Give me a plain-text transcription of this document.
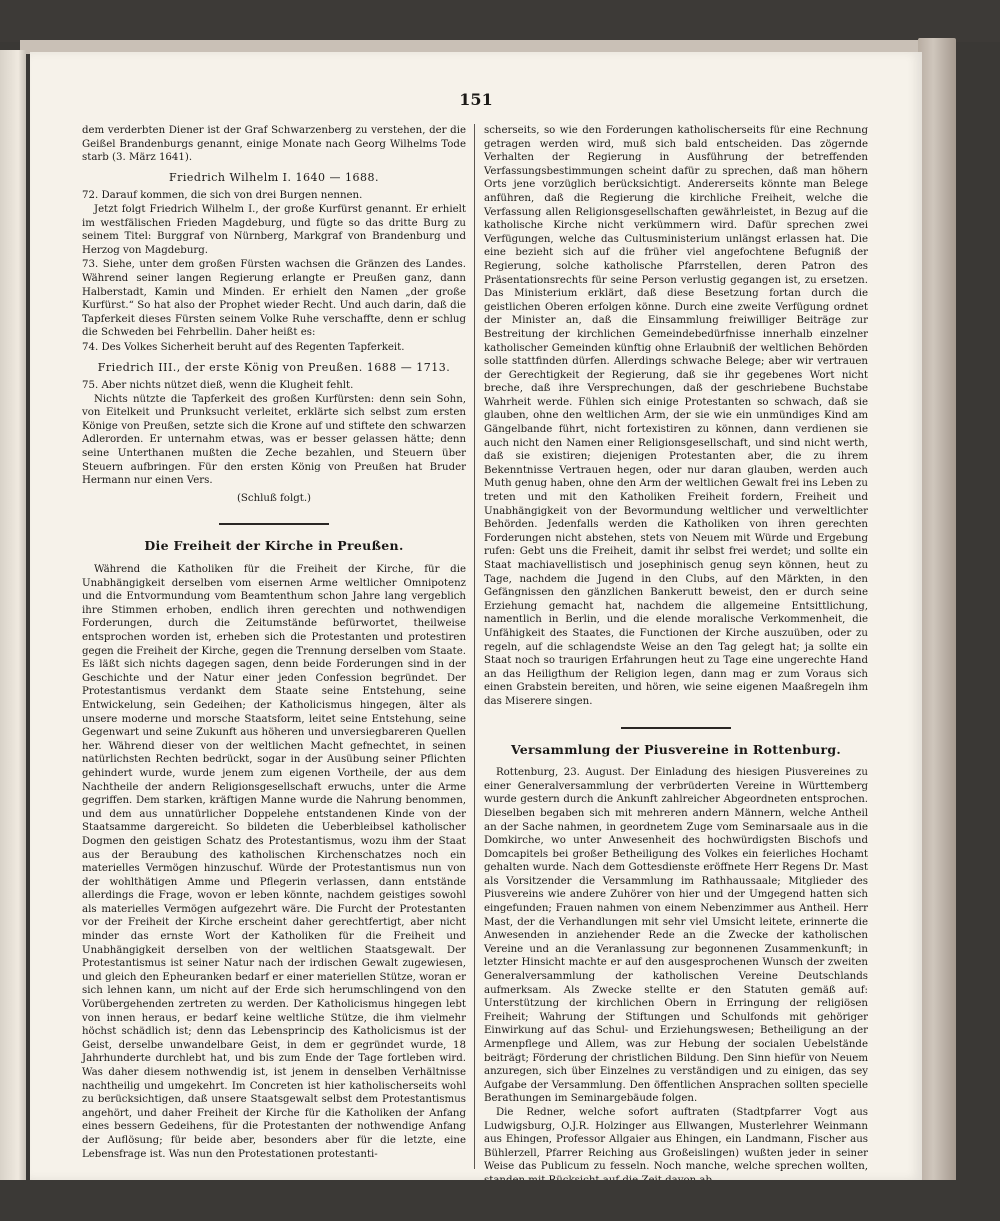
151

dem verderbten Diener ist der Graf Schwarzenberg zu verstehen, der die Geißel Brandenburgs genannt, einige Monate nach Georg Wilhelms Tode starb (3. März 1641).

Friedrich Wilhelm I. 1640 — 1688.

72. Darauf kommen, die sich von drei Burgen nennen.

Jetzt folgt Friedrich Wilhelm I., der große Kurfürst genannt. Er erhielt im westfälischen Frieden Magdeburg, und fügte so das dritte Burg zu seinem Titel: Burggraf von Nürnberg, Markgraf von Brandenburg und Herzog von Magdeburg.

73. Siehe, unter dem großen Fürsten wachsen die Gränzen des Landes. Während seiner langen Regierung erlangte er Preußen ganz, dann Halberstadt, Kamin und Minden. Er erhielt den Namen „der große Kurfürst.“ So hat also der Prophet wieder Recht. Und auch darin, daß die Tapferkeit dieses Fürsten seinem Volke Ruhe verschaffte, denn er schlug die Schweden bei Fehrbellin. Daher heißt es:

74. Des Volkes Sicherheit beruht auf des Regenten Tapferkeit.

Friedrich III., der erste König von Preußen. 1688 — 1713.

75. Aber nichts nützet dieß, wenn die Klugheit fehlt.

Nichts nützte die Tapferkeit des großen Kurfürsten: denn sein Sohn, von Eitelkeit und Prunksucht verleitet, erklärte sich selbst zum ersten Könige von Preußen, setzte sich die Krone auf und stiftete den schwarzen Adlerorden. Er unternahm etwas, was er besser gelassen hätte; denn seine Unterthanen mußten die Zeche bezahlen, und Steuern über Steuern aufbringen. Für den ersten König von Preußen hat Bruder Hermann nur einen Vers.

(Schluß folgt.)

Die Freiheit der Kirche in Preußen.

Während die Katholiken für die Freiheit der Kirche, für die Unabhängigkeit derselben vom eisernen Arme weltlicher Omnipotenz und die Entvormundung vom Beamtenthum schon Jahre lang vergeblich ihre Stimmen erhoben, endlich ihren gerechten und nothwendigen Forderungen, durch die Zeitumstände befürwortet, theilweise entsprochen worden ist, erheben sich die Protestanten und protestiren gegen die Freiheit der Kirche, gegen die Trennung derselben vom Staate. Es läßt sich nichts dagegen sagen, denn beide Forderungen sind in der Geschichte und der Natur einer jeden Confession begründet. Der Protestantismus verdankt dem Staate seine Entstehung, seine Entwickelung, sein Gedeihen; der Katholicismus hingegen, älter als unsere moderne und morsche Staatsform, leitet seine Entstehung, seine Gegenwart und seine Zukunft aus höheren und unversiegbareren Quellen her. Während dieser von der weltlichen Macht gefnechtet, in seinen natürlichsten Rechten bedrückt, sogar in der Ausübung seiner Pflichten gehindert wurde, wurde jenem zum eigenen Vortheile, der aus dem Nachtheile der andern Religionsgesellschaft erwuchs, unter die Arme gegriffen. Dem starken, kräftigen Manne wurde die Nahrung benommen, und dem aus unnatürlicher Doppelehe entstandenen Kinde von der Staatsamme dargereicht. So bildeten die Ueberbleibsel katholischer Dogmen den geistigen Schatz des Protestantismus, wozu ihm der Staat aus der Beraubung des katholischen Kirchenschatzes noch ein materielles Vermögen hinzuschuf. Würde der Protestantismus nun von der wohlthätigen Amme und Pflegerin verlassen, dann entstände allerdings die Frage, wovon er leben könnte, nachdem geistiges sowohl als materielles Vermögen aufgezehrt wäre. Die Furcht der Protestanten vor der Freiheit der Kirche erscheint daher gerechtfertigt, aber nicht minder das ernste Wort der Katholiken für die Freiheit und Unabhängigkeit derselben von der weltlichen Staatsgewalt. Der Protestantismus ist seiner Natur nach der irdischen Gewalt zugewiesen, und gleich den Epheuranken bedarf er einer materiellen Stütze, woran er sich lehnen kann, um nicht auf der Erde sich herumschlingend von den Vorübergehenden zertreten zu werden. Der Katholicismus hingegen lebt von innen heraus, er bedarf keine weltliche Stütze, die ihm vielmehr höchst schädlich ist; denn das Lebensprincip des Katholicismus ist der Geist, derselbe unwandelbare Geist, in dem er gegründet wurde, 18 Jahrhunderte durchlebt hat, und bis zum Ende der Tage fortleben wird. Was daher diesem nothwendig ist, ist jenem in denselben Verhältnisse nachtheilig und umgekehrt. Im Concreten ist hier katholischerseits wohl zu berücksichtigen, daß unsere Staatsgewalt selbst dem Protestantismus angehört, und daher Freiheit der Kirche für die Katholiken der Anfang eines bessern Gedeihens, für die Protestanten der nothwendige Anfang der Auflösung; für beide aber, besonders aber für die letzte, eine Lebensfrage ist. Was nun den Protestationen protestanti-

scherseits, so wie den Forderungen katholischerseits für eine Rechnung getragen werden wird, muß sich bald entscheiden. Das zögernde Verhalten der Regierung in Ausführung der betreffenden Verfassungsbestimmungen scheint dafür zu sprechen, daß man höhern Orts jene vorzüglich berücksichtigt. Andererseits könnte man Belege anführen, daß die Regierung die kirchliche Freiheit, welche die Verfassung allen Religionsgesellschaften gewährleistet, in Bezug auf die katholische Kirche nicht verkümmern wird. Dafür sprechen zwei Verfügungen, welche das Cultusministerium unlängst erlassen hat. Die eine bezieht sich auf die früher viel angefochtene Befugniß der Regierung, solche katholische Pfarrstellen, deren Patron des Präsentationsrechts für seine Person verlustig gegangen ist, zu ersetzen. Das Ministerium erklärt, daß diese Besetzung fortan durch die geistlichen Oberen erfolgen könne. Durch eine zweite Verfügung ordnet der Minister an, daß die Einsammlung freiwilliger Beiträge zur Bestreitung der kirchlichen Gemeindebedürfnisse innerhalb einzelner katholischer Gemeinden künftig ohne Erlaubniß der weltlichen Behörden solle stattfinden dürfen. Allerdings schwache Belege; aber wir vertrauen der Gerechtigkeit der Regierung, daß sie ihr gegebenes Wort nicht breche, daß ihre Versprechungen, daß der geschriebene Buchstabe Wahrheit werde. Fühlen sich einige Protestanten so schwach, daß sie glauben, ohne den weltlichen Arm, der sie wie ein unmündiges Kind am Gängelbande führt, nicht fortexistiren zu können, dann verdienen sie auch nicht den Namen einer Religionsgesellschaft, und sind nicht werth, daß sie existiren; diejenigen Protestanten aber, die zu ihrem Bekenntnisse Vertrauen hegen, oder nur daran glauben, werden auch Muth genug haben, ohne den Arm der weltlichen Gewalt frei ins Leben zu treten und mit den Katholiken Freiheit fordern, Freiheit und Unabhängigkeit von der Bevormundung weltlicher und verweltlichter Behörden. Jedenfalls werden die Katholiken von ihren gerechten Forderungen nicht abstehen, stets von Neuem mit Würde und Ergebung rufen: Gebt uns die Freiheit, damit ihr selbst frei werdet; und sollte ein Staat machiavellistisch und josephinisch genug seyn können, heut zu Tage, nachdem die Jugend in den Clubs, auf den Märkten, in den Gefängnissen den gänzlichen Bankerutt beweist, den er durch seine Erziehung gemacht hat, nachdem die allgemeine Entsittlichung, namentlich in Berlin, und die elende moralische Verkommenheit, die Unfähigkeit des Staates, die Functionen der Kirche auszuüben, oder zu regeln, auf die schlagendste Weise an den Tag gelegt hat; ja sollte ein Staat noch so traurigen Erfahrungen heut zu Tage eine ungerechte Hand an das Heiligthum der Religion legen, dann mag er zum Voraus sich einen Grabstein bereiten, und hören, wie seine eigenen Maaßregeln ihm das Miserere singen.

Versammlung der Piusvereine in Rottenburg.

Rottenburg, 23. August. Der Einladung des hiesigen Piusvereines zu einer Generalversammlung der verbrüderten Vereine in Württemberg wurde gestern durch die Ankunft zahlreicher Abgeordneten entsprochen. Dieselben begaben sich mit mehreren andern Männern, welche Antheil an der Sache nahmen, in geordnetem Zuge vom Seminarsaale aus in die Domkirche, wo unter Anwesenheit des hochwürdigsten Bischofs und Domcapitels bei großer Betheiligung des Volkes ein feierliches Hochamt gehalten wurde. Nach dem Gottesdienste eröffnete Herr Regens Dr. Mast als Vorsitzender die Versammlung im Rathhaussaale; Mitglieder des Piusvereins wie andere Zuhörer von hier und der Umgegend hatten sich eingefunden; Frauen nahmen von einem Nebenzimmer aus Antheil. Herr Mast, der die Verhandlungen mit sehr viel Umsicht leitete, erinnerte die Anwesenden in anziehender Rede an die Zwecke der katholischen Vereine und an die Veranlassung zur begonnenen Zusammenkunft; in letzter Hinsicht machte er auf den ausgesprochenen Wunsch der zweiten Generalversammlung der katholischen Vereine Deutschlands aufmerksam. Als Zwecke stellte er den Statuten gemäß auf: Unterstützung der kirchlichen Obern in Erringung der religiösen Freiheit; Wahrung der Stiftungen und Schulfonds mit gehöriger Einwirkung auf das Schul- und Erziehungswesen; Betheiligung an der Armenpflege und Allem, was zur Hebung der socialen Uebelstände beiträgt; Förderung der christlichen Bildung. Den Sinn hiefür von Neuem anzuregen, sich über Einzelnes zu verständigen und zu einigen, das sey Aufgabe der Versammlung. Den öffentlichen Ansprachen sollten specielle Berathungen im Seminargebäude folgen.

Die Redner, welche sofort auftraten (Stadtpfarrer Vogt aus Ludwigsburg, O.J.R. Holzinger aus Ellwangen, Musterlehrer Weinmann aus Ehingen, Professor Allgaier aus Ehingen, ein Landmann, Fischer aus Bühlerzell, Pfarrer Reiching aus Großeislingen) wußten jeder in seiner Weise das Publicum zu fesseln. Noch manche, welche sprechen wollten,
